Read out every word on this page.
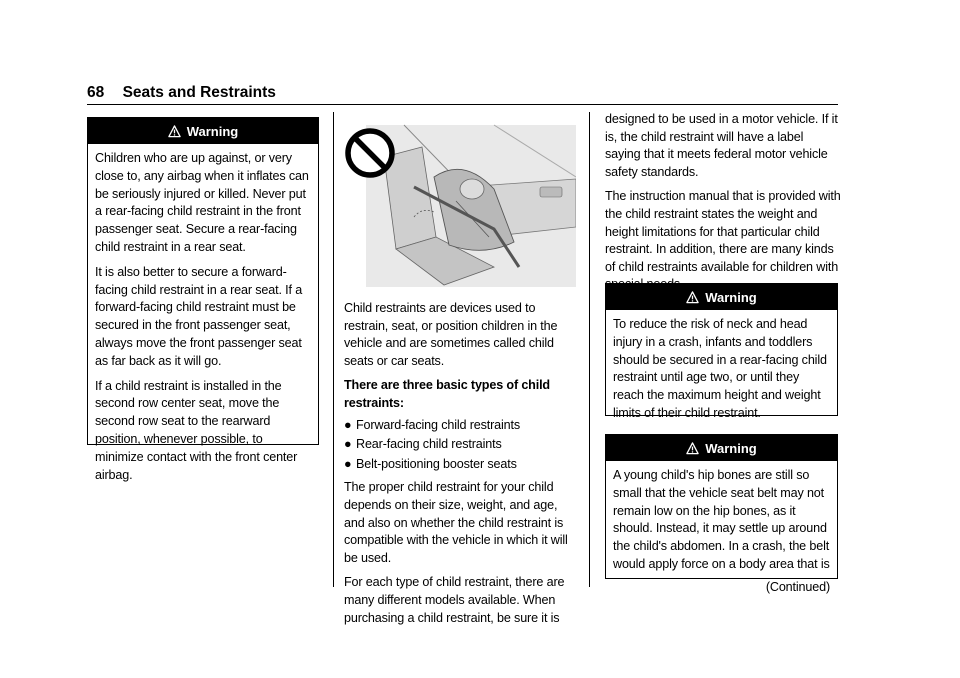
68 Seats and Restraints
Warning

Children who are up against, or very close to, any airbag when it inflates can be seriously injured or killed. Never put a rear-facing child restraint in the front passenger seat. Secure a rear-facing child restraint in a rear seat.

It is also better to secure a forward-facing child restraint in a rear seat. If a forward-facing child restraint must be secured in the front passenger seat, always move the front passenger seat as far back as it will go.

If a child restraint is installed in the second row center seat, move the second row seat to the rearward position, whenever possible, to minimize contact with the front center airbag.

Child restraints are devices used to restrain, seat, or position children in the vehicle and are sometimes called child seats or car seats.

There are three basic types of child restraints:

● Forward-facing child restraints
● Rear-facing child restraints
● Belt-positioning booster seats

The proper child restraint for your child depends on their size, weight, and age, and also on whether the child restraint is compatible with the vehicle in which it will be used.

For each type of child restraint, there are many different models available. When purchasing a child restraint, be sure it is

designed to be used in a motor vehicle. If it is, the child restraint will have a label saying that it meets federal motor vehicle safety standards.

The instruction manual that is provided with the child restraint states the weight and height limitations for that particular child restraint. In addition, there are many kinds of child restraints available for children with

Warning

To reduce the risk of neck and head injury in a crash, infants and toddlers should be secured in a rear-facing child restraint until age two, or until they reach the maximum height and weight limits of their child restraint.

Warning

A young child's hip bones are still so small that the vehicle seat belt may not remain low on the hip bones, as it should. Instead, it may settle up around the child's abdomen. In a crash, the belt would apply force on a body area that is

(Continued)
